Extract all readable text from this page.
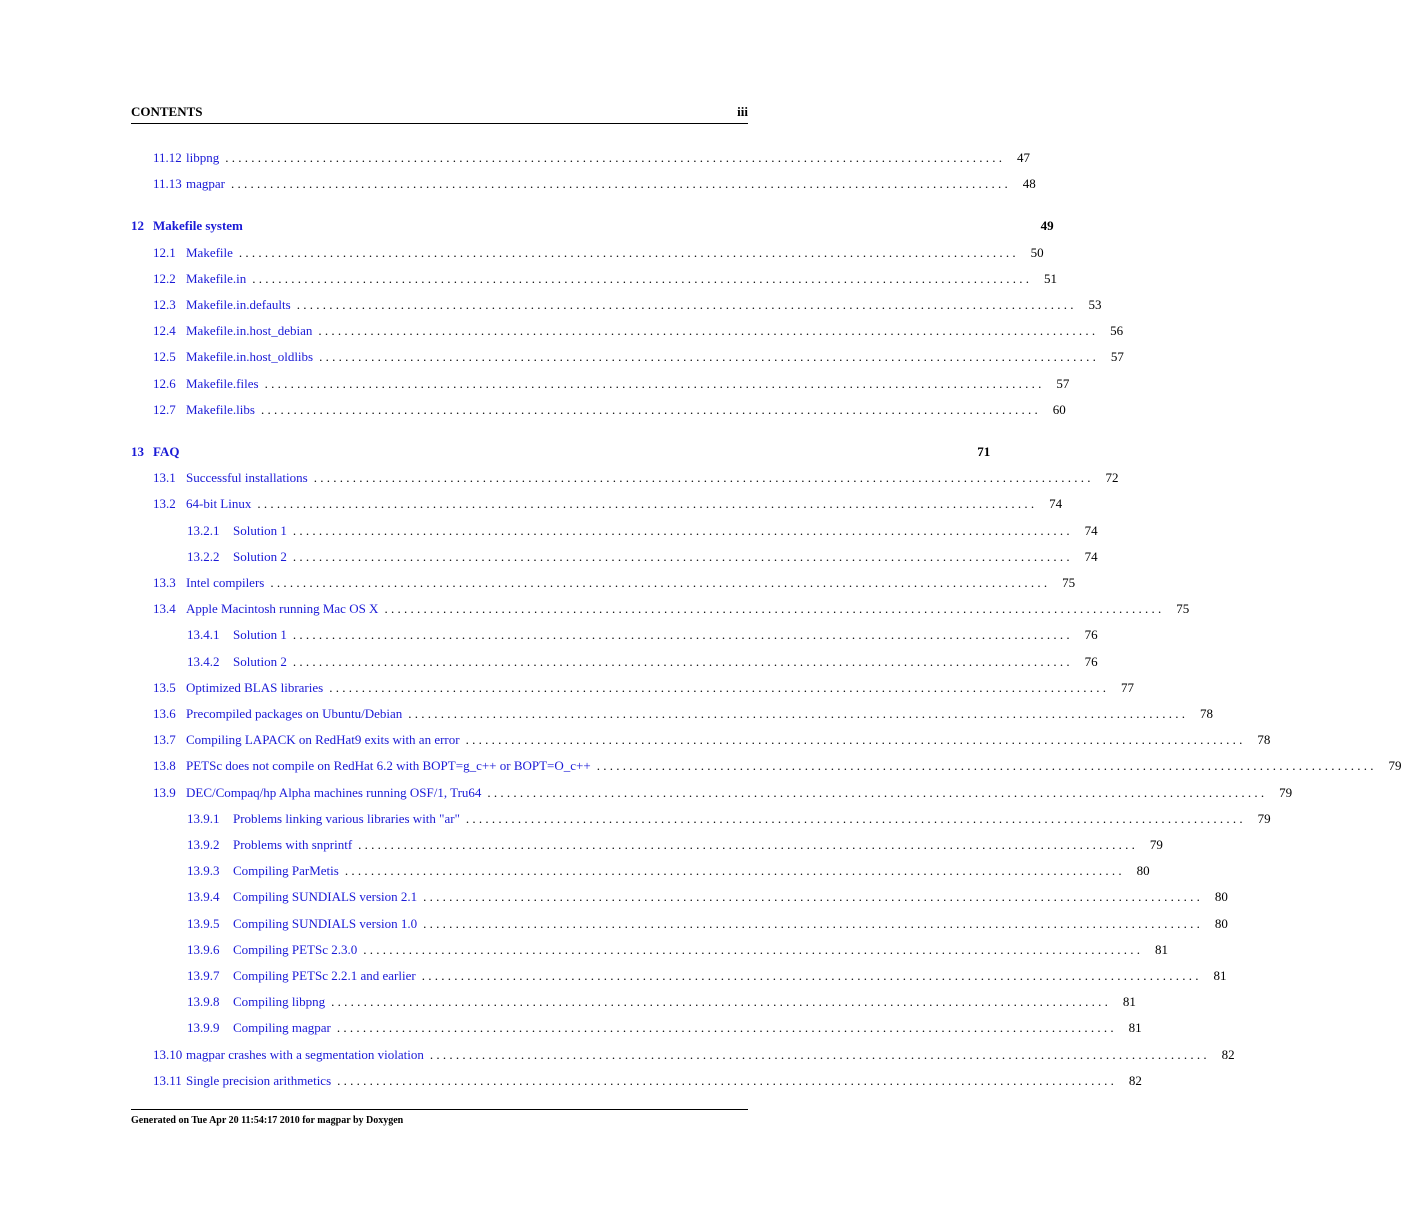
CONTENTS	iii
11.12 libpng . . . . . . . . . . . . . . . . . . . . . . . . . . . . . . . . . . . . . . . . . . . . . . . . . . . . . . . . . . . . . . . . . . . . . . . . . . . . . . . . . . . . . . . . . . . . . . . . . . . . . . . . . . . . . . . . . . . . . . . .	47
11.13 magpar . . . . . . . . . . . . . . . . . . . . . . . . . . . . . . . . . . . . . . . . . . . . . . . . . . . . . . . . . . . . . . . . . . . . . . . . . . . . . . . . . . . . . . . . . . . . . . . . . . . . . . . . . . . . . . . . . . . . . . . .	48
12 Makefile system	49
12.1 Makefile . . . . . . . . . . . . . . . . . . . . . . . . . . . . . . . . . . . . . . . . . . . . . . . . . . . . . . . . . . . . . . . . . . . . . . . . . . . . . . . . . . . . . . . . . . . . . . . . . . . . . . . . . . . . . . . . . . . . . . . .	50
12.2 Makefile.in . . . . . . . . . . . . . . . . . . . . . . . . . . . . . . . . . . . . . . . . . . . . . . . . . . . . . . . . . . . . . . . . . . . . . . . . . . . . . . . . . . . . . . . . . . . . . . . . . . . . . . . . . . . . . . . . . . . . . . . .	51
12.3 Makefile.in.defaults . . . . . . . . . . . . . . . . . . . . . . . . . . . . . . . . . . . . . . . . . . . . . . . . . . . . . . . . . . . . . . . . . . . . . . . . . . . . . . . . . . . . . . . . . . . . . . . . . . . . . . . . . . . . . . . . . . . . . . . .	53
12.4 Makefile.in.host_debian . . . . . . . . . . . . . . . . . . . . . . . . . . . . . . . . . . . . . . . . . . . . . . . . . . . . . . . . . . . . . . . . . . . . . . . . . . . . . . . . . . . . . . . . . . . . . . . . . . . . . . . . . . . . . . . . . . . . . . . .	56
12.5 Makefile.in.host_oldlibs . . . . . . . . . . . . . . . . . . . . . . . . . . . . . . . . . . . . . . . . . . . . . . . . . . . . . . . . . . . . . . . . . . . . . . . . . . . . . . . . . . . . . . . . . . . . . . . . . . . . . . . . . . . . . . . . . . . . . . . .	57
12.6 Makefile.files . . . . . . . . . . . . . . . . . . . . . . . . . . . . . . . . . . . . . . . . . . . . . . . . . . . . . . . . . . . . . . . . . . . . . . . . . . . . . . . . . . . . . . . . . . . . . . . . . . . . . . . . . . . . . . . . . . . . . . . .	57
12.7 Makefile.libs . . . . . . . . . . . . . . . . . . . . . . . . . . . . . . . . . . . . . . . . . . . . . . . . . . . . . . . . . . . . . . . . . . . . . . . . . . . . . . . . . . . . . . . . . . . . . . . . . . . . . . . . . . . . . . . . . . . . . . . .	60
13 FAQ	71
13.1 Successful installations . . . . . . . . . . . . . . . . . . . . . . . . . . . . . . . . . . . . . . . . . . . . . . . . . . . . . . . . . . . . . . . . . . . . . . . . . . . . . . . . . . . . . . . . . . . . . . . . . . . . . . . . . . . . . . . . . . . . . . . .	72
13.2 64-bit Linux . . . . . . . . . . . . . . . . . . . . . . . . . . . . . . . . . . . . . . . . . . . . . . . . . . . . . . . . . . . . . . . . . . . . . . . . . . . . . . . . . . . . . . . . . . . . . . . . . . . . . . . . . . . . . . . . . . . . . . . .	74
13.2.1 Solution 1 . . . . . . . . . . . . . . . . . . . . . . . . . . . . . . . . . . . . . . . . . . . . . . . . . . . . . . . . . . . . . . . . . . . . . . . . . . . . . . . . . . . . . . . . . . . . . . . . . . . . . . . . . . . . . . . . . . . . . . . .	74
13.2.2 Solution 2 . . . . . . . . . . . . . . . . . . . . . . . . . . . . . . . . . . . . . . . . . . . . . . . . . . . . . . . . . . . . . . . . . . . . . . . . . . . . . . . . . . . . . . . . . . . . . . . . . . . . . . . . . . . . . . . . . . . . . . . .	74
13.3 Intel compilers . . . . . . . . . . . . . . . . . . . . . . . . . . . . . . . . . . . . . . . . . . . . . . . . . . . . . . . . . . . . . . . . . . . . . . . . . . . . . . . . . . . . . . . . . . . . . . . . . . . . . . . . . . . . . . . . . . . . . . . .	75
13.4 Apple Macintosh running Mac OS X . . . . . . . . . . . . . . . . . . . . . . . . . . . . . . . . . . . . . . . . . . . . . . . . . . . . . . . . . . . . . . . . . . . . . . . . . . . . . . . . . . . . . . . . . . . . . . . . . . . . . . . . . . . . . . . . . . . . . . . .	75
13.4.1 Solution 1 . . . . . . . . . . . . . . . . . . . . . . . . . . . . . . . . . . . . . . . . . . . . . . . . . . . . . . . . . . . . . . . . . . . . . . . . . . . . . . . . . . . . . . . . . . . . . . . . . . . . . . . . . . . . . . . . . . . . . . . .	76
13.4.2 Solution 2 . . . . . . . . . . . . . . . . . . . . . . . . . . . . . . . . . . . . . . . . . . . . . . . . . . . . . . . . . . . . . . . . . . . . . . . . . . . . . . . . . . . . . . . . . . . . . . . . . . . . . . . . . . . . . . . . . . . . . . . .	76
13.5 Optimized BLAS libraries . . . . . . . . . . . . . . . . . . . . . . . . . . . . . . . . . . . . . . . . . . . . . . . . . . . . . . . . . . . . . . . . . . . . . . . . . . . . . . . . . . . . . . . . . . . . . . . . . . . . . . . . . . . . . . . . . . . . . . . .	77
13.6 Precompiled packages on Ubuntu/Debian . . . . . . . . . . . . . . . . . . . . . . . . . . . . . . . . . . . . . . . . . . . . . . . . . . . . . . . . . . . . . . . . . . . . . . . . . . . . . . . . . . . . . . . . . . . . . . . . . . . . . . . . . . . . . . . . . . . . . . . .	78
13.7 Compiling LAPACK on RedHat9 exits with an error . . . . . . . . . . . . . . . . . . . . . . . . . . . . . . . . . . . . . . . . . . . . . . . . . . . . . . . . . . . . . . . . . . . . . . . . . . . . . . . . . . . . . . . . . . . . . . . . . . . . . . . . . . . . . . . . . . . . . . . .	78
13.8 PETSc does not compile on RedHat 6.2 with BOPT=g_c++ or BOPT=O_c++ . . . . . . . . . . . . . . . . . . . . . . . . . . . . . . . . . . . . . . . . . . . . . . . . . . . . . . . . . . . . . . . . . . . . . . . . . . . . . . . . . . . . . . . . . . . . . . . . . . . . . . . . . . . . . . . . . . . . . . . .	79
13.9 DEC/Compaq/hp Alpha machines running OSF/1, Tru64 . . . . . . . . . . . . . . . . . . . . . . . . . . . . . . . . . . . . . . . . . . . . . . . . . . . . . . . . . . . . . . . . . . . . . . . . . . . . . . . . . . . . . . . . . . . . . . . . . . . . . . . . . . . . . . . . . . . . . . . .	79
13.9.1 Problems linking various libraries with "ar" . . . . . . . . . . . . . . . . . . . . . . . . . . . . . . . . . . . . . . . . . . . . . . . . . . . . . . . . . . . . . . . . . . . . . . . . . . . . . . . . . . . . . . . . . . . . . . . . . . . . . . . . . . . . . . . . . . . . . . . .	79
13.9.2 Problems with snprintf . . . . . . . . . . . . . . . . . . . . . . . . . . . . . . . . . . . . . . . . . . . . . . . . . . . . . . . . . . . . . . . . . . . . . . . . . . . . . . . . . . . . . . . . . . . . . . . . . . . . . . . . . . . . . . . . . . . . . . . .	79
13.9.3 Compiling ParMetis . . . . . . . . . . . . . . . . . . . . . . . . . . . . . . . . . . . . . . . . . . . . . . . . . . . . . . . . . . . . . . . . . . . . . . . . . . . . . . . . . . . . . . . . . . . . . . . . . . . . . . . . . . . . . . . . . . . . . . . .	80
13.9.4 Compiling SUNDIALS version 2.1 . . . . . . . . . . . . . . . . . . . . . . . . . . . . . . . . . . . . . . . . . . . . . . . . . . . . . . . . . . . . . . . . . . . . . . . . . . . . . . . . . . . . . . . . . . . . . . . . . . . . . . . . . . . . . . . . . . . . . . . .	80
13.9.5 Compiling SUNDIALS version 1.0 . . . . . . . . . . . . . . . . . . . . . . . . . . . . . . . . . . . . . . . . . . . . . . . . . . . . . . . . . . . . . . . . . . . . . . . . . . . . . . . . . . . . . . . . . . . . . . . . . . . . . . . . . . . . . . . . . . . . . . . .	80
13.9.6 Compiling PETSc 2.3.0 . . . . . . . . . . . . . . . . . . . . . . . . . . . . . . . . . . . . . . . . . . . . . . . . . . . . . . . . . . . . . . . . . . . . . . . . . . . . . . . . . . . . . . . . . . . . . . . . . . . . . . . . . . . . . . . . . . . . . . . .	81
13.9.7 Compiling PETSc 2.2.1 and earlier . . . . . . . . . . . . . . . . . . . . . . . . . . . . . . . . . . . . . . . . . . . . . . . . . . . . . . . . . . . . . . . . . . . . . . . . . . . . . . . . . . . . . . . . . . . . . . . . . . . . . . . . . . . . . . . . . . . . . . . .	81
13.9.8 Compiling libpng . . . . . . . . . . . . . . . . . . . . . . . . . . . . . . . . . . . . . . . . . . . . . . . . . . . . . . . . . . . . . . . . . . . . . . . . . . . . . . . . . . . . . . . . . . . . . . . . . . . . . . . . . . . . . . . . . . . . . . . .	81
13.9.9 Compiling magpar . . . . . . . . . . . . . . . . . . . . . . . . . . . . . . . . . . . . . . . . . . . . . . . . . . . . . . . . . . . . . . . . . . . . . . . . . . . . . . . . . . . . . . . . . . . . . . . . . . . . . . . . . . . . . . . . . . . . . . . .	81
13.10 magpar crashes with a segmentation violation . . . . . . . . . . . . . . . . . . . . . . . . . . . . . . . . . . . . . . . . . . . . . . . . . . . . . . . . . . . . . . . . . . . . . . . . . . . . . . . . . . . . . . . . . . . . . . . . . . . . . . . . . . . . . . . . . . . . . . . .	82
13.11 Single precision arithmetics . . . . . . . . . . . . . . . . . . . . . . . . . . . . . . . . . . . . . . . . . . . . . . . . . . . . . . . . . . . . . . . . . . . . . . . . . . . . . . . . . . . . . . . . . . . . . . . . . . . . . . . . . . . . . . . . . . . . . . . .	82
Generated on Tue Apr 20 11:54:17 2010 for magpar by Doxygen
